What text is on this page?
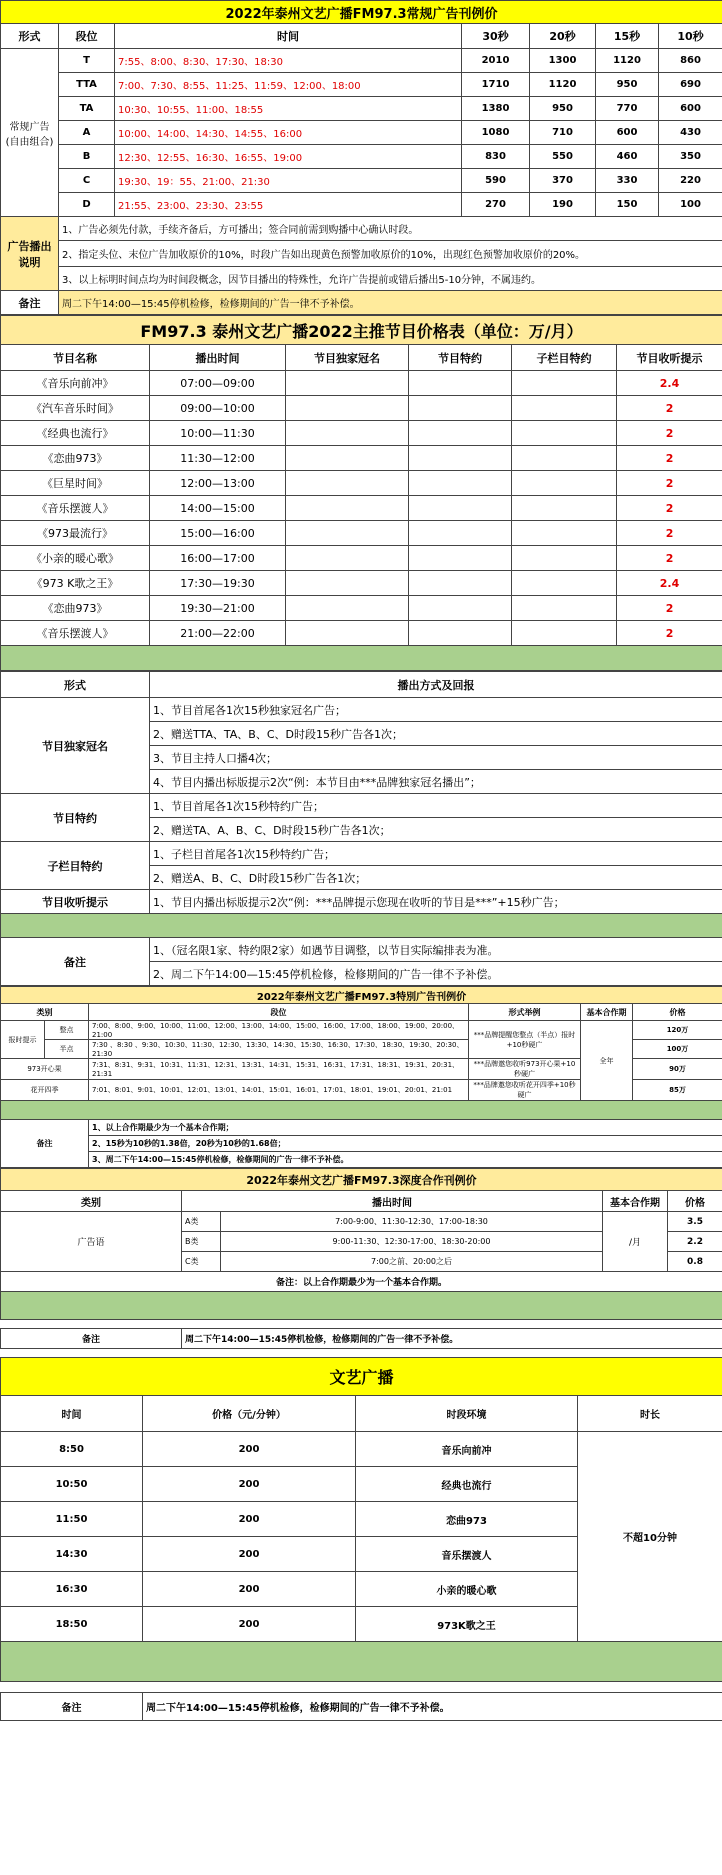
2022年泰州文艺广播FM97.3常规广告刊例价						
形式	段位	时间	30秒	20秒	15秒	10秒
常规广告(自由组合)	T	7:55、8:00、8:30、17:30、18:30	2010	1300	1120	860
	TTA	7:00、7:30、8:55、11:25、11:59、12:00、18:00	1710	1120	950	690
	TA	10:30、10:55、11:00、18:55	1380	950	770	600
	A	10:00、14:00、14:30、14:55、16:00	1080	710	600	430
	B	12:30、12:55、16:30、16:55、19:00	830	550	460	350
	C	19:30、19：55、21:00、21:30	590	370	330	220
	D	21:55、23:00、23:30、23:55	270	190	150	100
广告播出说明	1、广告必须先付款，手续齐备后，方可播出；签合同前需到购播中心确认时段。					
	2、指定头位、末位广告加收原价的10%，时段广告如出现黄色预警加收原价的10%，出现红色预警加收原价的20%。					
	3、以上标明时间点均为时间段概念，因节目播出的特殊性，允许广告提前或错后播出5-10分钟，不属违约。					
备注	周二下午14:00—15:45停机检修，检修期间的广告一律不予补偿。					
FM97.3 泰州文艺广播2022主推节目价格表（单位：万/月）					
节目名称	播出时间	节目独家冠名	节目特约	子栏目特约	节目收听提示
《音乐向前冲》	07:00—09:00				2.4
《汽车音乐时间》	09:00—10:00				2
《经典也流行》	10:00—11:30				2
《恋曲973》	11:30—12:00				2
《巨星时间》	12:00—13:00				2
《音乐摆渡人》	14:00—15:00				2
《973最流行》	15:00—16:00				2
《小亲的暖心歌》	16:00—17:00				2
《973 K歌之王》	17:30—19:30				2.4
《恋曲973》	19:30—21:00				2
《音乐摆渡人》	21:00—22:00				2

形式	播出方式及回报
节目独家冠名	1、节目首尾各1次15秒独家冠名广告；
	2、赠送TTA、TA、B、C、D时段15秒广告各1次；
	3、节目主持人口播4次；
	4、节目内播出标版提示2次“例：本节目由***品牌独家冠名播出”；
节目特约	1、节目首尾各1次15秒特约广告；
	2、赠送TA、A、B、C、D时段15秒广告各1次；
子栏目特约	1、子栏目首尾各1次15秒特约广告；
	2、赠送A、B、C、D时段15秒广告各1次；
节目收听提示	1、节目内播出标版提示2次“例：***品牌提示您现在收听的节目是***”+15秒广告；

备注	1、（冠名限1家、特约限2家）如遇节目调整，以节目实际编排表为准。
	2、周二下午14:00—15:45停机检修，检修期间的广告一律不予补偿。
2022年泰州文艺广播FM97.3特別广告刊例价					
类别		段位	形式举例	基本合作期	价格
报时提示	整点	7:00、8:00、9:00、10:00、11:00、12:00、13:00、14:00、15:00、16:00、17:00、18:00、19:00、20:00、21:00	***品牌提醒您整点（半点）报时+10秒硬广	全年	120万
	半点	7:30 、8:30 、9:30、10:30、11:30、12:30、13:30、14:30、15:30、16:30、17:30、18:30、19:30、20:30、21:30			100万
973开心果		7:31、8:31、9:31、10:31、11:31、12:31、13:31、14:31、15:31、16:31、17:31、18:31、19:31、20:31、21:31	***品牌邀您收听973开心果+10秒硬广		90万
花开四季		7:01、8:01、9:01、10:01、12:01、13:01、14:01、15:01、16:01、17:01、18:01、19:01、20:01、21:01	***品牌邀您收听花开四季+10秒硬广		85万

备注		1、以上合作期最少为一个基本合作期；			
		2、15秒为10秒的1.38倍，20秒为10秒的1.68倍；			
		3、周二下午14:00—15:45停机检修，检修期间的广告一律不予补偿。			
2022年泰州文艺广播FM97.3深度合作刊例价				
类别	播出时间		基本合作期	价格
广告语	A类	7:00-9:00、11:30-12:30、17:00-18:30	/月	3.5
	B类	9:00-11:30、12:30-17:00、18:30-20:00		2.2
	C类	7:00之前、20:00之后		0.8
备注：以上合作期最少为一个基本合作期。				

备注	周二下午14:00—15:45停机检修，检修期间的广告一律不予补偿。
文艺广播			
时间	价格（元/分钟）	时段环境	时长
8:50	200	音乐向前冲	不超10分钟
10:50	200	经典也流行	
11:50	200	恋曲973	
14:30	200	音乐摆渡人	
16:30	200	小亲的暖心歌	
18:50	200	973K歌之王	

备注	周二下午14:00—15:45停机检修，检修期间的广告一律不予补偿。
